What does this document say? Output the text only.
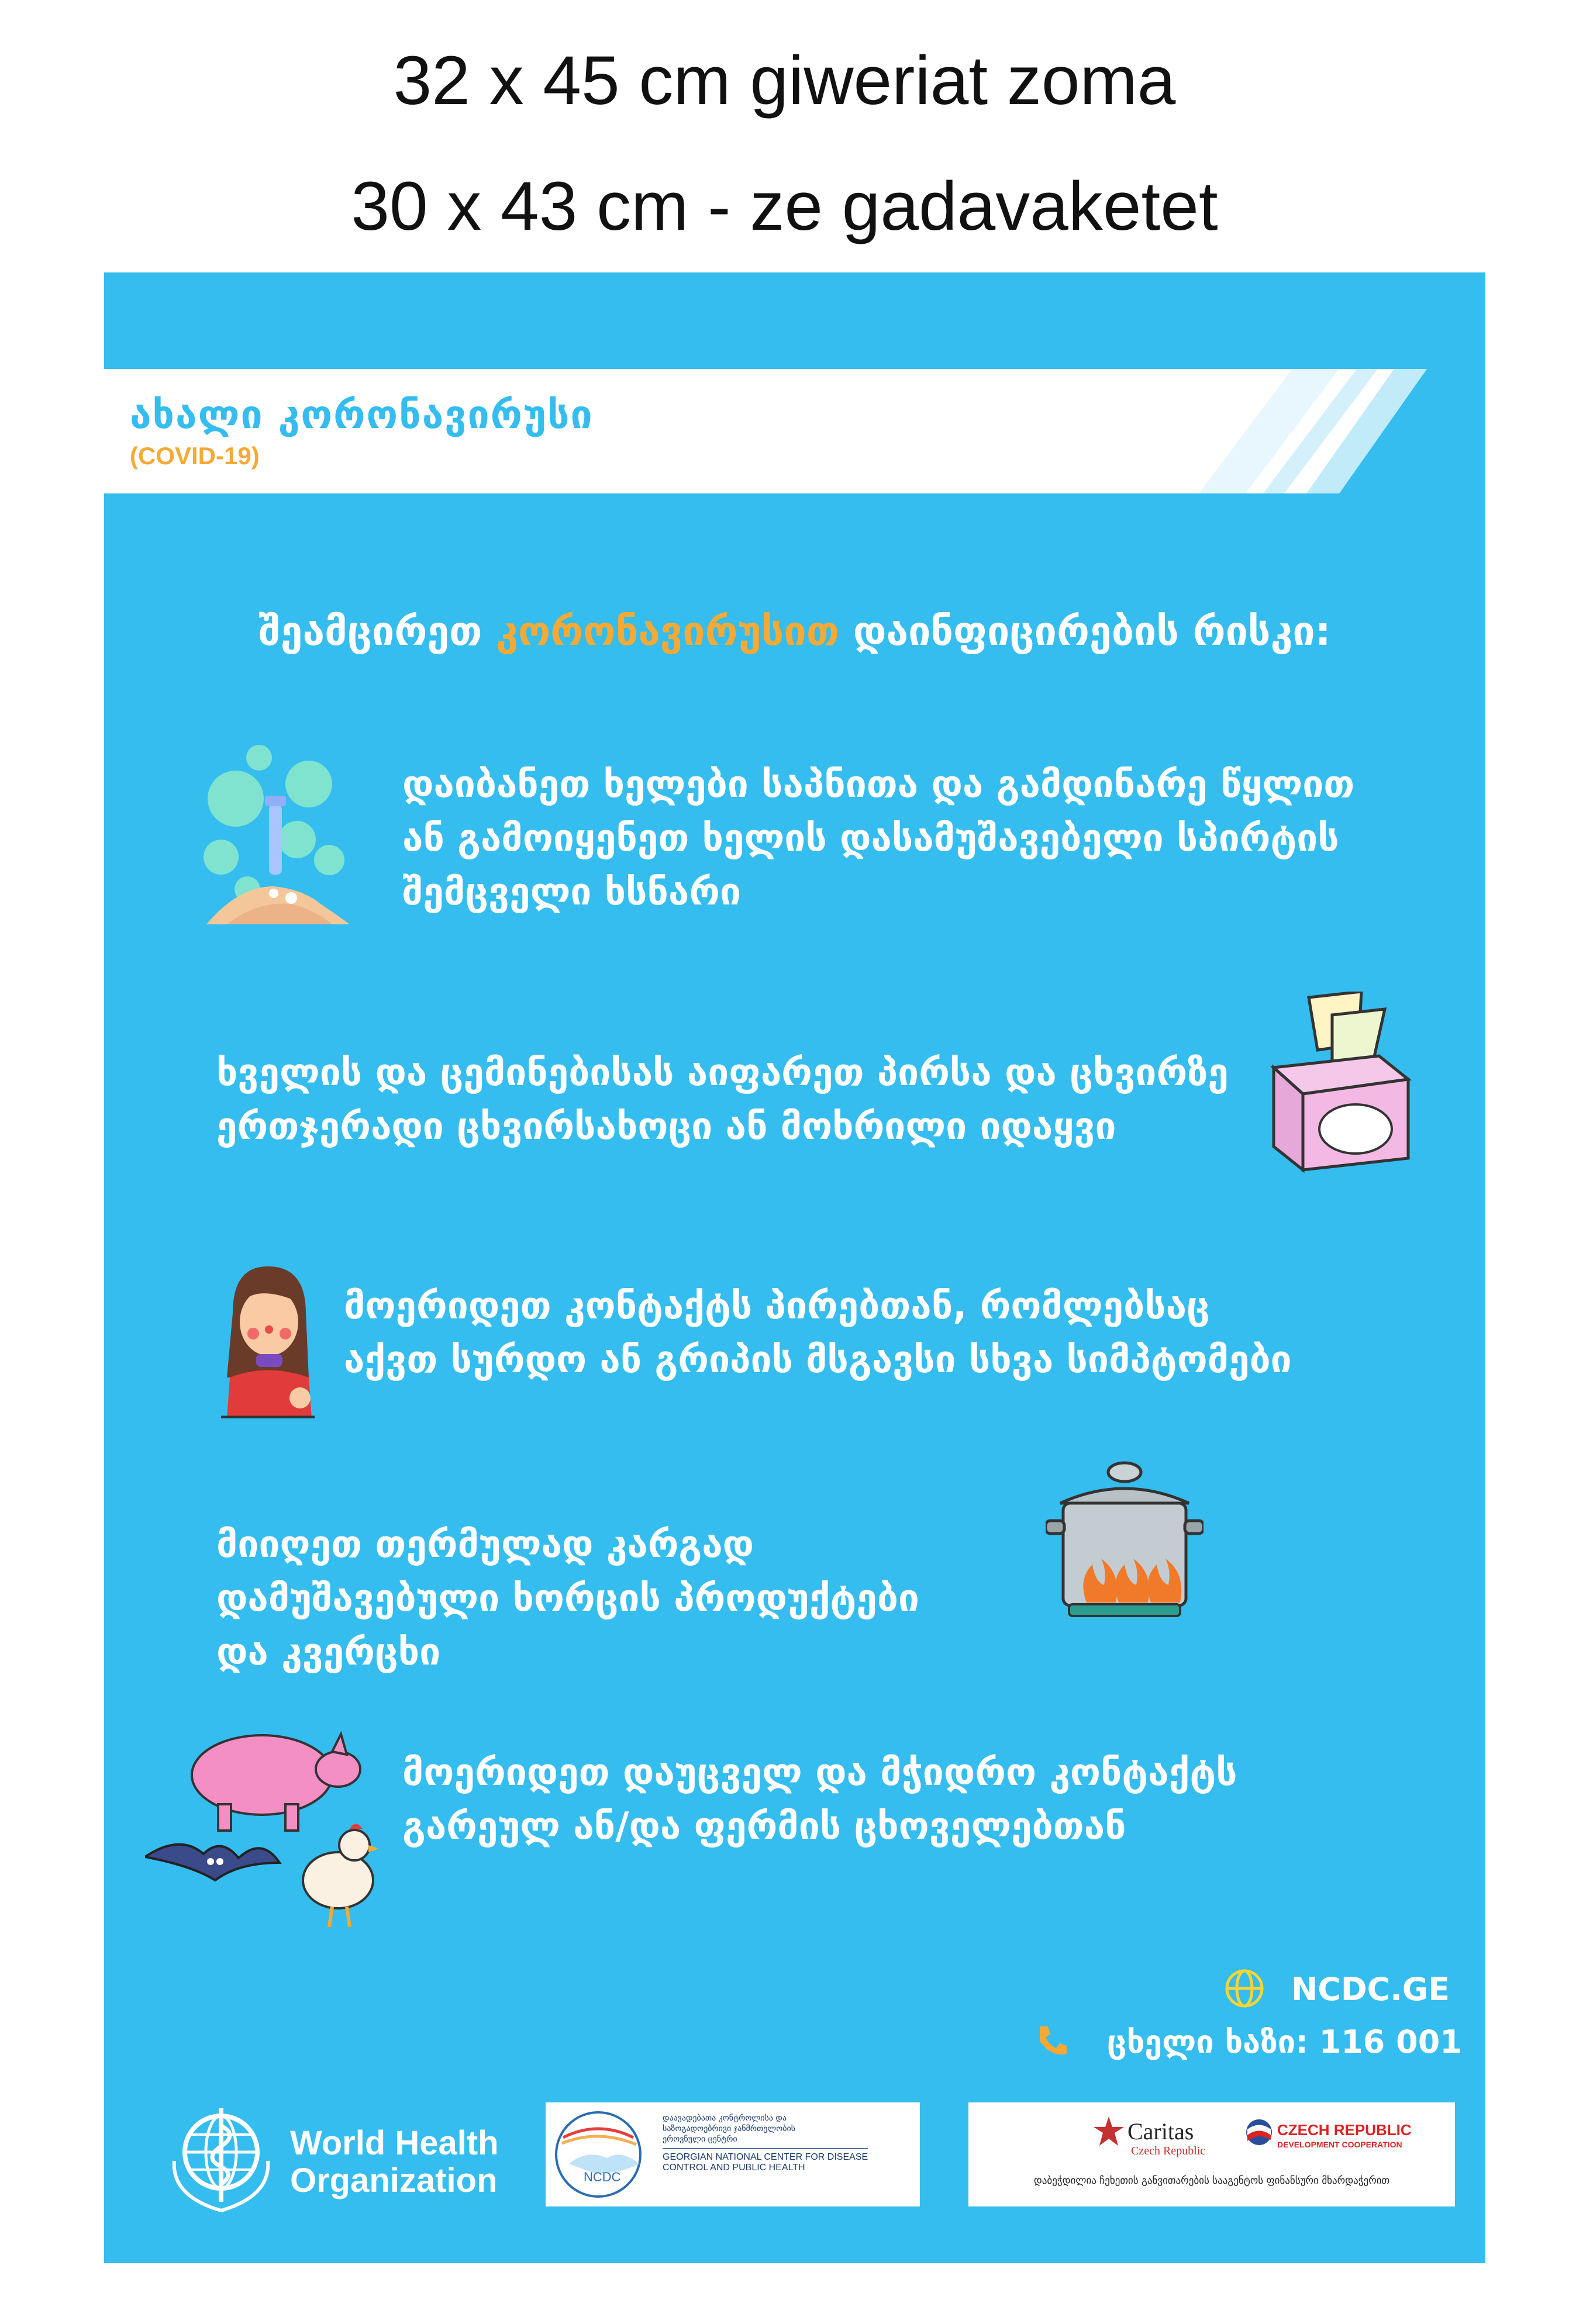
32 x 45 cm giweriat zoma
30 x 43 cm - ze gadavaketet
ახალი კორონავირუსი
(COVID-19)
შეამცირეთ კორონავირუსით დაინფიცირების რისკი:
დაიბანეთ ხელები საპნითა და გამდინარე წყლით
ან გამოიყენეთ ხელის დასამუშავებელი სპირტის
შემცველი ხსნარი
ხველის და ცემინებისას აიფარეთ პირსა და ცხვირზე
ერთჯერადი ცხვირსახოცი ან მოხრილი იდაყვი
მოერიდეთ კონტაქტს პირებთან, რომლებსაც
აქვთ სურდო ან გრიპის მსგავსი სხვა სიმპტომები
მიიღეთ თერმულად კარგად
დამუშავებული ხორცის პროდუქტები
და კვერცხი
მოერიდეთ დაუცველ და მჭიდრო კონტაქტს
გარეულ ან/და ფერმის ცხოველებთან
NCDC.GE
ცხელი ხაზი: 116 001
World Health
Organization	NCDC
დაავადებათა კონტროლისა და
საზოგადოებრივი ჯანმრთელობის
ეროვნული ცენტრი
GEORGIAN NATIONAL CENTER FOR DISEASE
CONTROL AND PUBLIC HEALTH
Caritas
Czech Republic
CZECH REPUBLIC
DEVELOPMENT COOPERATION
დაბეჭდილია ჩეხეთის განვითარების სააგენტოს ფინანსური მხარდაჭერით
